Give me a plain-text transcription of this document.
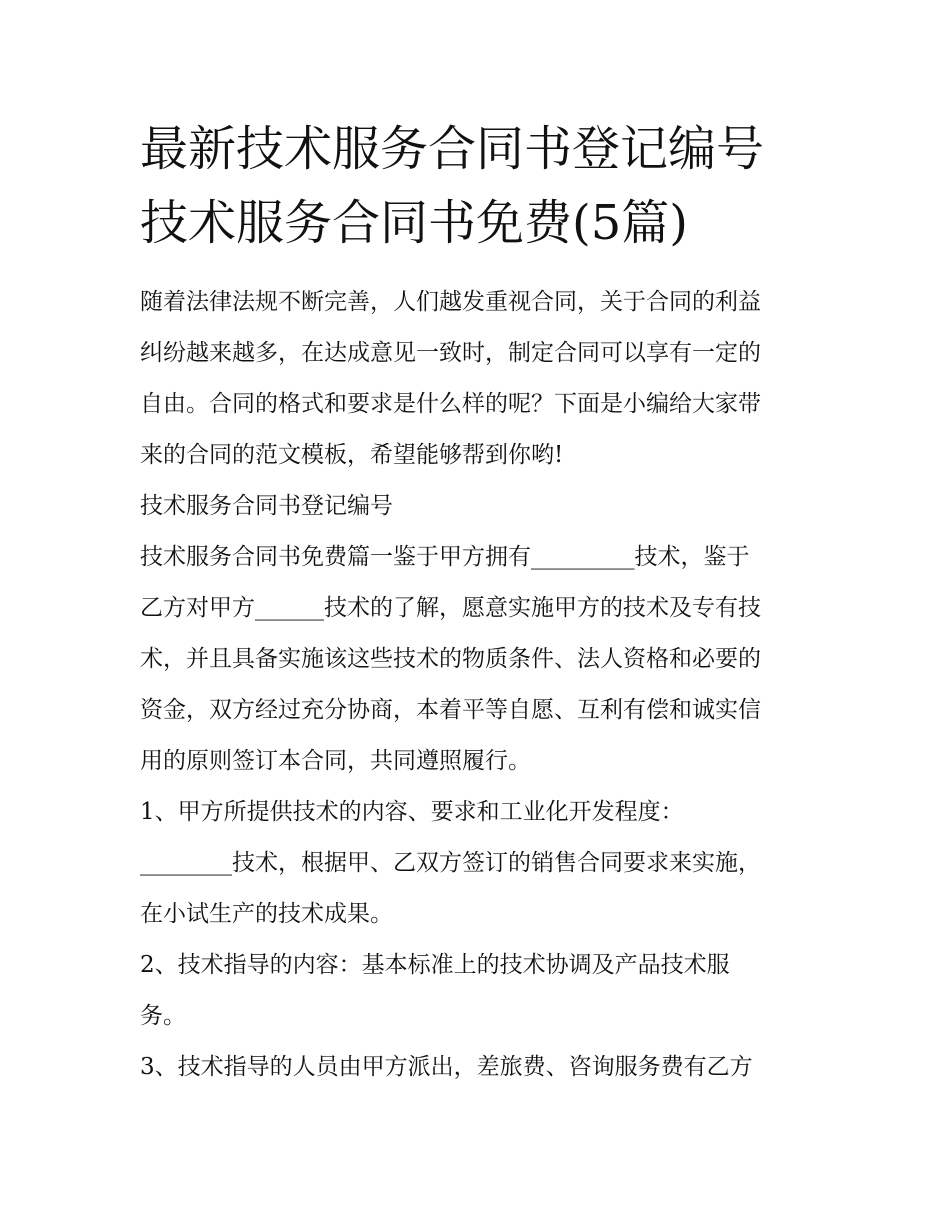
最新技术服务合同书登记编号
技术服务合同书免费(5篇)
随着法律法规不断完善，人们越发重视合同，关于合同的利益
纠纷越来越多，在达成意见一致时，制定合同可以享有一定的
自由。合同的格式和要求是什么样的呢？下面是小编给大家带
来的合同的范文模板，希望能够帮到你哟!
技术服务合同书登记编号
技术服务合同书免费篇一鉴于甲方拥有_________技术，鉴于
乙方对甲方______技术的了解，愿意实施甲方的技术及专有技
术，并且具备实施该这些技术的物质条件、法人资格和必要的
资金，双方经过充分协商，本着平等自愿、互利有偿和诚实信
用的原则签订本合同，共同遵照履行。
1、甲方所提供技术的内容、要求和工业化开发程度：
________技术，根据甲、乙双方签订的销售合同要求来实施，
在小试生产的技术成果。
2、技术指导的内容：基本标准上的技术协调及产品技术服
务。
3、技术指导的人员由甲方派出，差旅费、咨询服务费有乙方
